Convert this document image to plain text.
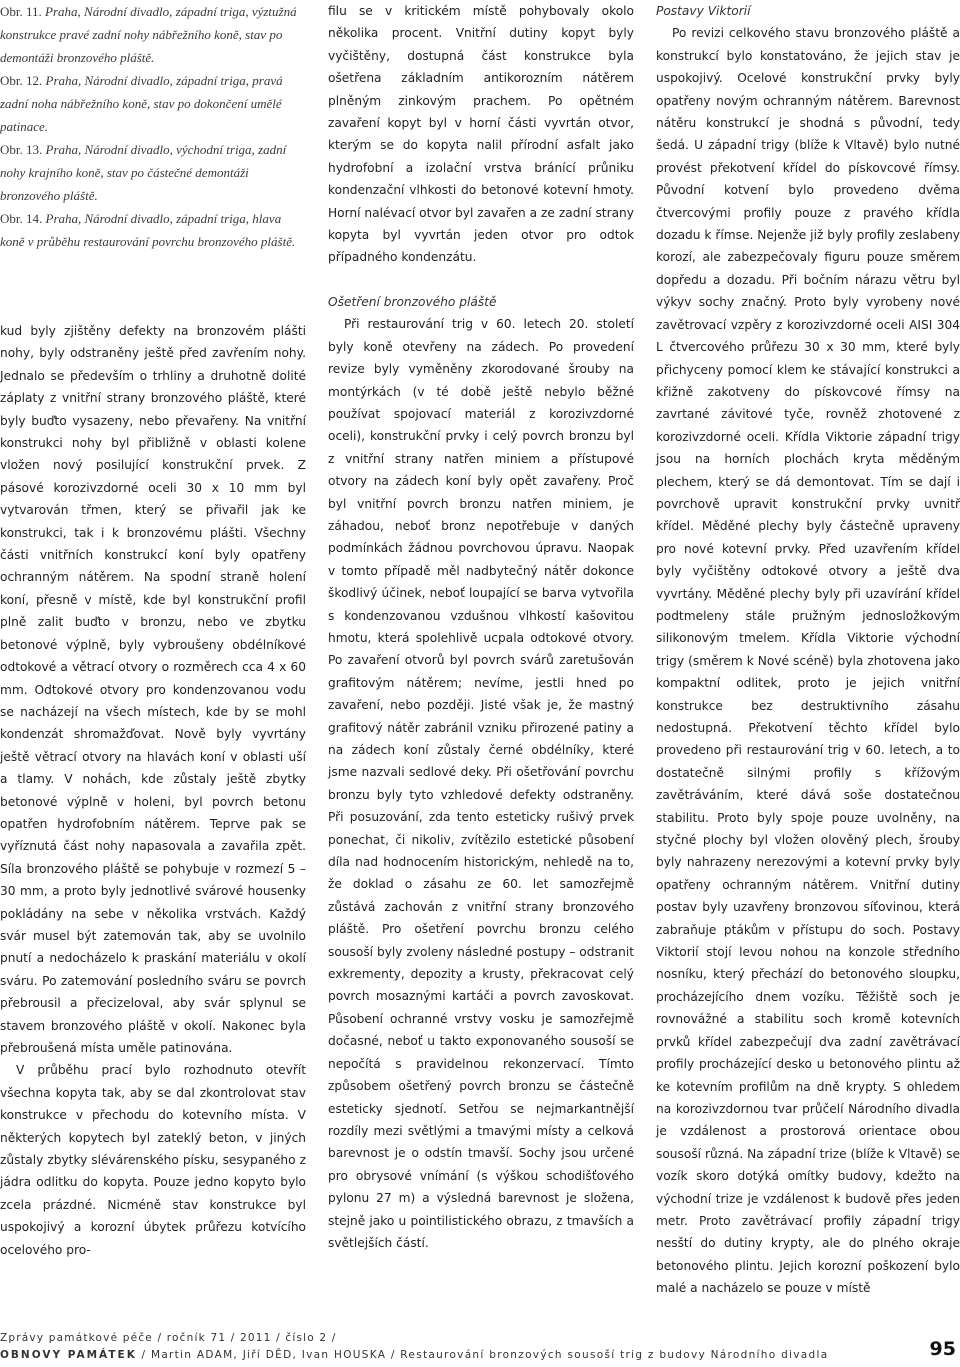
Obr. 11. Praha, Národní divadlo, západní triga, výztužná konstrukce pravé zadní nohy nábřežního koně, stav po demontáži bronzového pláště.

Obr. 12. Praha, Národní divadlo, západní triga, pravá zadní noha nábřežního koně, stav po dokončení umělé patinace.

Obr. 13. Praha, Národní divadlo, východní triga, zadní nohy krajního koně, stav po částečné demontáži bronzového pláště.

Obr. 14. Praha, Národní divadlo, západní triga, hlava koně v průběhu restaurování povrchu bronzového pláště.

kud byly zjištěny defekty na bronzovém plášti nohy, byly odstraněny ještě před zavřením nohy. Jednalo se především o trhliny a druhotně dolité záplaty z vnitřní strany bronzového pláště, které byly buďto vysazeny, nebo převařeny. Na vnitřní konstrukci nohy byl přibližně v oblasti kolene vložen nový posilující konstrukční prvek. Z pásové korozivzdorné oceli 30 x 10 mm byl vytvarován třmen, který se přivařil jak ke konstrukci, tak i k bronzovému plášti. Všechny části vnitřních konstrukcí koní byly opatřeny ochranným nátěrem. Na spodní straně holení koní, přesně v místě, kde byl konstrukční profil plně zalit buďto v bronzu, nebo ve zbytku betonové výplně, byly vybroušeny obdélníkové odtokové a větrací otvory o rozměrech cca 4 x 60 mm. Odtokové otvory pro kondenzovanou vodu se nacházejí na všech místech, kde by se mohl kondenzát shromažďovat. Nově byly vyvrtány ještě větrací otvory na hlavách koní v oblasti uší a tlamy. V nohách, kde zůstaly ještě zbytky betonové výplně v holeni, byl povrch betonu opatřen hydrofobním nátěrem. Teprve pak se vyříznutá část nohy napasovala a zavařila zpět. Síla bronzového pláště se pohybuje v rozmezí 5 – 30 mm, a proto byly jednotlivé svárové housenky pokládány na sebe v několika vrstvách. Každý svár musel být zatemován tak, aby se uvolnilo pnutí a nedocházelo k praskání materiálu v okolí sváru. Po zatemování posledního sváru se povrch přebrousil a přecizeloval, aby svár splynul se stavem bronzového pláště v okolí. Nakonec byla přebroušená místa uměle patinována.

V průběhu prací bylo rozhodnuto otevřít všechna kopyta tak, aby se dal zkontrolovat stav konstrukce v přechodu do kotevního místa. V některých kopytech byl zateklý beton, v jiných zůstaly zbytky slévárenského písku, sesypaného z jádra odlitku do kopyta. Pouze jedno kopyto bylo zcela prázdné. Nicméně stav konstrukce byl uspokojivý a korozní úbytek průřezu kotvícího ocelového pro-

filu se v kritickém místě pohybovaly okolo několika procent. Vnitřní dutiny kopyt byly vyčištěny, dostupná část konstrukce byla ošetřena základním antikorozním nátěrem plněným zinkovým prachem. Po opětném zavaření kopyt byl v horní části vyvrtán otvor, kterým se do kopyta nalil přírodní asfalt jako hydrofobní a izolační vrstva bránící průniku kondenzační vlhkosti do betonové kotevní hmoty. Horní nalévací otvor byl zavařen a ze zadní strany kopyta byl vyvrtán jeden otvor pro odtok případného kondenzátu.

Ošetření bronzového pláště

Při restaurování trig v 60. letech 20. století byly koně otevřeny na zádech. Po provedení revize byly vyměněny zkorodované šrouby na montýrkách (v té době ještě nebylo běžné používat spojovací materiál z korozivzdorné oceli), konstrukční prvky i celý povrch bronzu byl z vnitřní strany natřen miniem a přístupové otvory na zádech koní byly opět zavařeny. Proč byl vnitřní povrch bronzu natřen miniem, je záhadou, neboť bronz nepotřebuje v daných podmínkách žádnou povrchovou úpravu. Naopak v tomto případě měl nadbytečný nátěr dokonce škodlivý účinek, neboť loupající se barva vytvořila s kondenzovanou vzdušnou vlhkostí kašovitou hmotu, která spolehlivě ucpala odtokové otvory. Po zavaření otvorů byl povrch svárů zaretušován grafitovým nátěrem; nevíme, jestli hned po zavaření, nebo později. Jisté však je, že mastný grafitový nátěr zabránil vzniku přirozené patiny a na zádech koní zůstaly černé obdélníky, které jsme nazvali sedlové deky. Při ošetřování povrchu bronzu byly tyto vzhledové defekty odstraněny. Při posuzování, zda tento esteticky rušivý prvek ponechat, či nikoliv, zvítězilo estetické působení díla nad hodnocením historickým, nehledě na to, že doklad o zásahu ze 60. let samozřejmě zůstává zachován z vnitřní strany bronzového pláště. Pro ošetření povrchu bronzu celého sousoší byly zvoleny následné postupy – odstranit exkrementy, depozity a krusty, překracovat celý povrch mosaznými kartáči a povrch zavoskovat. Působení ochranné vrstvy vosku je samozřejmě dočasné, neboť u takto exponovaného sousoší se nepočítá s pravidelnou rekonzervací. Tímto způsobem ošetřený povrch bronzu se částečně esteticky sjednotí. Setřou se nejmarkantnější rozdíly mezi světlými a tmavými místy a celková barevnost je o odstín tmavší. Sochy jsou určené pro obrysové vnímání (s výškou schodišťového pylonu 27 m) a výsledná barevnost je složena, stejně jako u pointilistického obrazu, z tmavších a světlejších částí.

Postavy Viktorií

Po revizi celkového stavu bronzového pláště a konstrukcí bylo konstatováno, že jejich stav je uspokojivý. Ocelové konstrukční prvky byly opatřeny novým ochranným nátěrem. Barevnost nátěru konstrukcí je shodná s původní, tedy šedá. U západní trigy (blíže k Vltavě) bylo nutné provést překotvení křídel do pískovcové římsy. Původní kotvení bylo provedeno dvěma čtvercovými profily pouze z pravého křídla dozadu k římse. Nejenže již byly profily zeslabeny korozí, ale zabezpečovaly figuru pouze směrem dopředu a dozadu. Při bočním nárazu větru byl výkyv sochy značný. Proto byly vyrobeny nové zavětrovací vzpěry z korozivzdorné oceli AISI 304 L čtvercového průřezu 30 x 30 mm, které byly přichyceny pomocí klem ke stávající konstrukci a křižně zakotveny do pískovcové římsy na zavrtané závitové tyče, rovněž zhotovené z korozivzdorné oceli. Křídla Viktorie západní trigy jsou na horních plochách kryta měděným plechem, který se dá demontovat. Tím se dají i povrchově upravit konstrukční prvky uvnitř křídel. Měděné plechy byly částečně upraveny pro nové kotevní prvky. Před uzavřením křídel byly vyčištěny odtokové otvory a ještě dva vyvrtány. Měděné plechy byly při uzavírání křídel podtmeleny stále pružným jednosložkovým silikonovým tmelem. Křídla Viktorie východní trigy (směrem k Nové scéně) byla zhotovena jako kompaktní odlitek, proto je jejich vnitřní konstrukce bez destruktivního zásahu nedostupná. Překotvení těchto křídel bylo provedeno při restaurování trig v 60. letech, a to dostatečně silnými profily s křížovým zavětráváním, které dává soše dostatečnou stabilitu. Proto byly spoje pouze uvolněny, na styčné plochy byl vložen olověný plech, šrouby byly nahrazeny nerezovými a kotevní prvky byly opatřeny ochranným nátěrem. Vnitřní dutiny postav byly uzavřeny bronzovou síťovinou, která zabraňuje ptákům v přístupu do soch. Postavy Viktorií stojí levou nohou na konzole středního nosníku, který přechází do betonového sloupku, procházejícího dnem vozíku. Těžiště soch je rovnovážné a stabilitu soch kromě kotevních prvků křídel zabezpečují dva zadní zavětrávací profily procházející desko u betonového plintu až ke kotevním profilům na dně krypty. S ohledem na korozivzdornou tvar průčelí Národního divadla je vzdálenost a prostorová orientace obou sousoší různá. Na západní trize (blíže k Vltavě) se vozík skoro dotýká omítky budovy, kdežto na východní trize je vzdálenost k budově přes jeden metr. Proto zavětrávací profily západní trigy nesští do dutiny krypty, ale do plného okraje betonového plintu. Jejich korozní poškození bylo malé a nacházelo se pouze v místě

Zprávy památkové péče / ročník 71 / 2011 / číslo 2 /
OBNOVY PAMÁTEK / Martin ADAM, Jiří DĚD, Ivan HOUSKA / Restaurování bronzových sousoší trig z budovy Národního divadla	95
